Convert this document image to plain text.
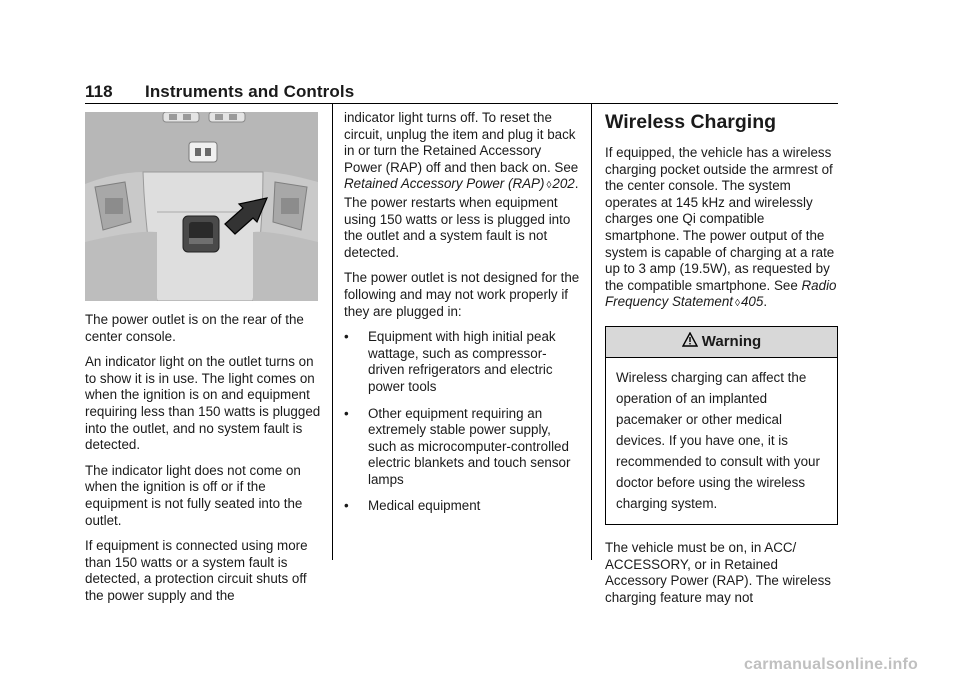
118 Instruments and Controls

The power outlet is on the rear of the center console.

An indicator light on the outlet turns on to show it is in use. The light comes on when the ignition is on and equipment requiring less than 150 watts is plugged into the outlet, and no system fault is detected.

The indicator light does not come on when the ignition is off or if the equipment is not fully seated into the outlet.

If equipment is connected using more than 150 watts or a system fault is detected, a protection circuit shuts off the power supply and the

indicator light turns off. To reset the circuit, unplug the item and plug it back in or turn the Retained Accessory Power (RAP) off and then back on. See Retained Accessory Power (RAP) ◊202. The power restarts when equipment using 150 watts or less is plugged into the outlet and a system fault is not detected.

The power outlet is not designed for the following and may not work properly if they are plugged in:

• Equipment with high initial peak wattage, such as compressor-driven refrigerators and electric power tools
• Other equipment requiring an extremely stable power supply, such as microcomputer-controlled electric blankets and touch sensor lamps
• Medical equipment
Wireless Charging

If equipped, the vehicle has a wireless charging pocket outside the armrest of the center console. The system operates at 145 kHz and wirelessly charges one Qi compatible smartphone. The power output of the system is capable of charging at a rate up to 3 amp (19.5W), as requested by the compatible smartphone. See Radio Frequency Statement ◊405.

Warning
Wireless charging can affect the operation of an implanted pacemaker or other medical devices. If you have one, it is recommended to consult with your doctor before using the wireless charging system.

The vehicle must be on, in ACC/ ACCESSORY, or in Retained Accessory Power (RAP). The wireless charging feature may not

carmanualsonline.info
